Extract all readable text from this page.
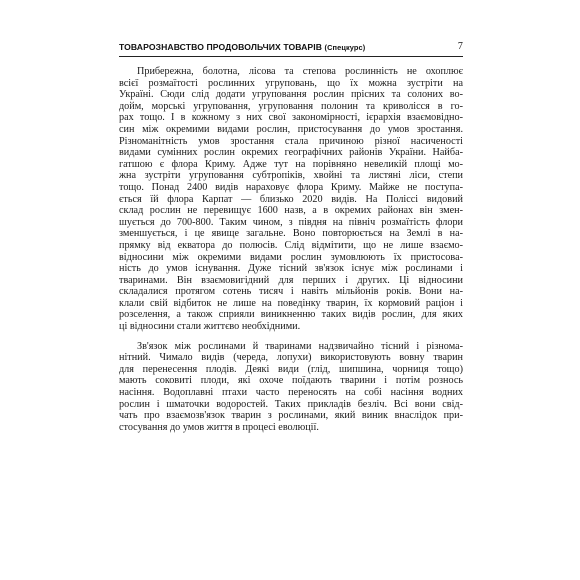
ТОВАРОЗНАВСТВО ПРОДОВОЛЬЧИХ ТОВАРІВ (Спецкурс)	7
Прибережна, болотна, лісова та степова рослинність не охоплює
всієї розмаїтості рослинних угруповань, що їх можна зустріти на
Україні. Сюди слід додати угруповання рослин прісних та солоних во-
дойм, морські угруповання, угруповання полонин та криволісся в го-
рах тощо. І в кожному з них свої закономірності, ієрархія взаємовідно-
син між окремими видами рослин, пристосування до умов зростання.
Різноманітність умов зростання стала причиною різної насиченості
видами сумінних рослин окремих географічних районів України. Найба-
гатшою є флора Криму. Адже тут на порівняно невеликій площі мо-
жна зустріти угруповання субтропіків, хвойні та листяні ліси, степи
тощо. Понад 2400 видів нараховує флора Криму. Майже не поступа-
ється їй флора Карпат — близько 2020 видів. На Поліссі видовий
склад рослин не перевищує 1600 назв, а в окремих районах він змен-
шується до 700-800. Таким чином, з півдня на північ розмаїтість флори
зменшується, і це явище загальне. Воно повторюється на Землі в на-
прямку від екватора до полюсів. Слід відмітити, що не лише взаємо-
відносини між окремими видами рослин зумовлюють їх пристосова-
ність до умов існування. Дуже тісний зв'язок існує між рослинами і
тваринами. Він взаємовигідний для перших і других. Ці відносини
складалися протягом сотень тисяч і навіть мільйонів років. Вони на-
клали свій відбиток не лише на поведінку тварин, їх кормовий раціон і
розселення, а також сприяли виникненню таких видів рослин, для яких
ці відносини стали життєво необхідними.
Зв'язок між рослинами й тваринами надзвичайно тісний і різнома-
нітний. Чимало видів (череда, лопухи) використовують вовну тварин
для перенесення плодів. Деякі види (глід, шипшина, чорниця тощо)
мають соковиті плоди, які охоче поїдають тварини і потім рознось
насіння. Водоплавні птахи часто переносять на собі насіння водних
рослин і шматочки водоростей. Таких прикладів безліч. Всі вони свід-
чать про взаємозв'язок тварин з рослинами, який виник внаслідок при-
стосування до умов життя в процесі еволюції.
